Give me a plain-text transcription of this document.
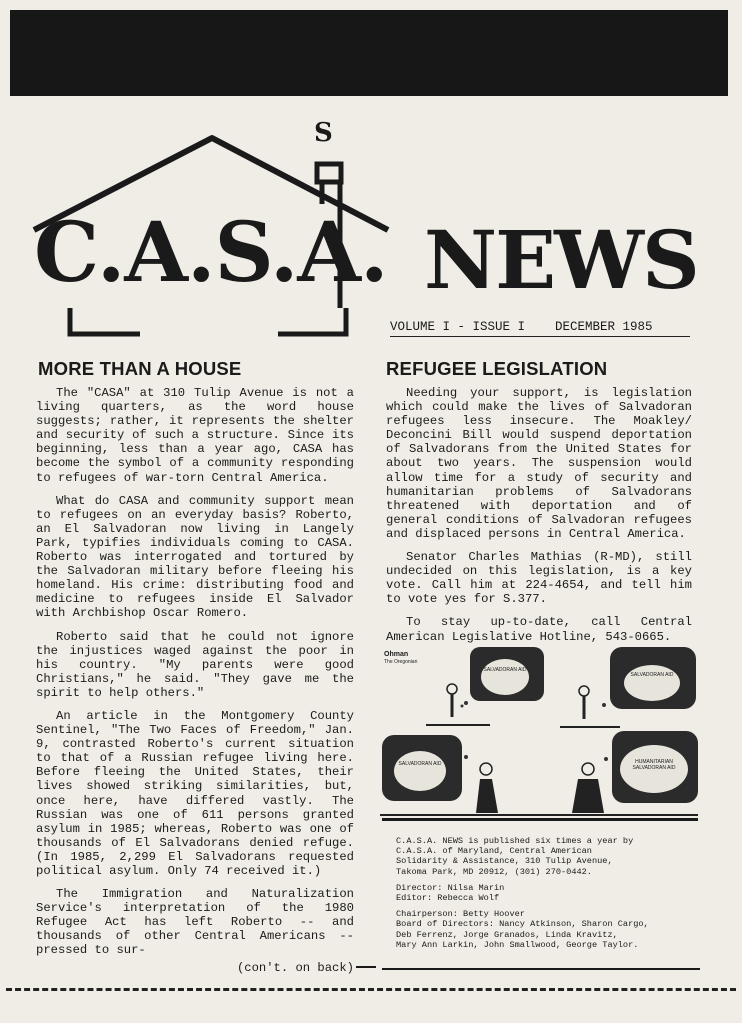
S
C.A.S.A. NEWS
VOLUME I - ISSUE I    DECEMBER 1985
MORE THAN A HOUSE

The "CASA" at 310 Tulip Avenue is not a living quarters, as the word house suggests; rather, it represents the shelter and security of such a structure. Since its beginning, less than a year ago, CASA has become the symbol of a community responding to refugees of war-torn Central America.

What do CASA and community support mean to refugees on an everyday basis? Roberto, an El Salvadoran now living in Langely Park, typifies individuals coming to CASA. Roberto was interrogated and tortured by the Salvadoran military before fleeing his homeland. His crime: distributing food and medicine to refugees inside El Salvador with Archbishop Oscar Romero.

Roberto said that he could not ignore the injustices waged against the poor in his country. "My parents were good Christians," he said. "They gave me the spirit to help others."

An article in the Montgomery County Sentinel, "The Two Faces of Freedom," Jan. 9, contrasted Roberto's current situation to that of a Russian refugee living here. Before fleeing the United States, their lives showed striking similarities, but, once here, have differed vastly. The Russian was one of 611 persons granted asylum in 1985; whereas, Roberto was one of thousands of El Salvadorans denied refuge. (In 1985, 2,299 El Salvadorans requested political asylum. Only 74 received it.)

The Immigration and Naturalization Service's interpretation of the 1980 Refugee Act has left Roberto -- and thousands of other Central Americans -- pressed to sur-

(con't. on back)

REFUGEE LEGISLATION

Needing your support, is legislation which could make the lives of Salvadoran refugees less insecure. The Moakley/ Deconcini Bill would suspend deportation of Salvadorans from the United States for about two years. The suspension would allow time for a study of security and humanitarian problems of Salvadorans threatened with deportation and of general conditions of Salvadoran refugees and displaced persons in Central America.

Senator Charles Mathias (R-MD), still undecided on this legislation, is a key vote. Call him at 224-4654, and tell him to vote yes for S.377.

To stay up-to-date, call Central American Legislative Hotline, 543-0665.

Ohman
The Oregonian
SALVADORAN AID
SALVADORAN AID
SALVADORAN AID	HUMANITARIAN SALVADORAN AID
C.A.S.A. NEWS is published six times a year by
C.A.S.A. of Maryland, Central American
Solidarity & Assistance, 310 Tulip Avenue,
Takoma Park, MD 20912, (301) 270-0442.
Director: Nilsa Marin
Editor: Rebecca Wolf
Chairperson: Betty Hoover
Board of Directors: Nancy Atkinson, Sharon Cargo,
Deb Ferrenz, Jorge Granados, Linda Kravitz,
Mary Ann Larkin, John Smallwood, George Taylor.
